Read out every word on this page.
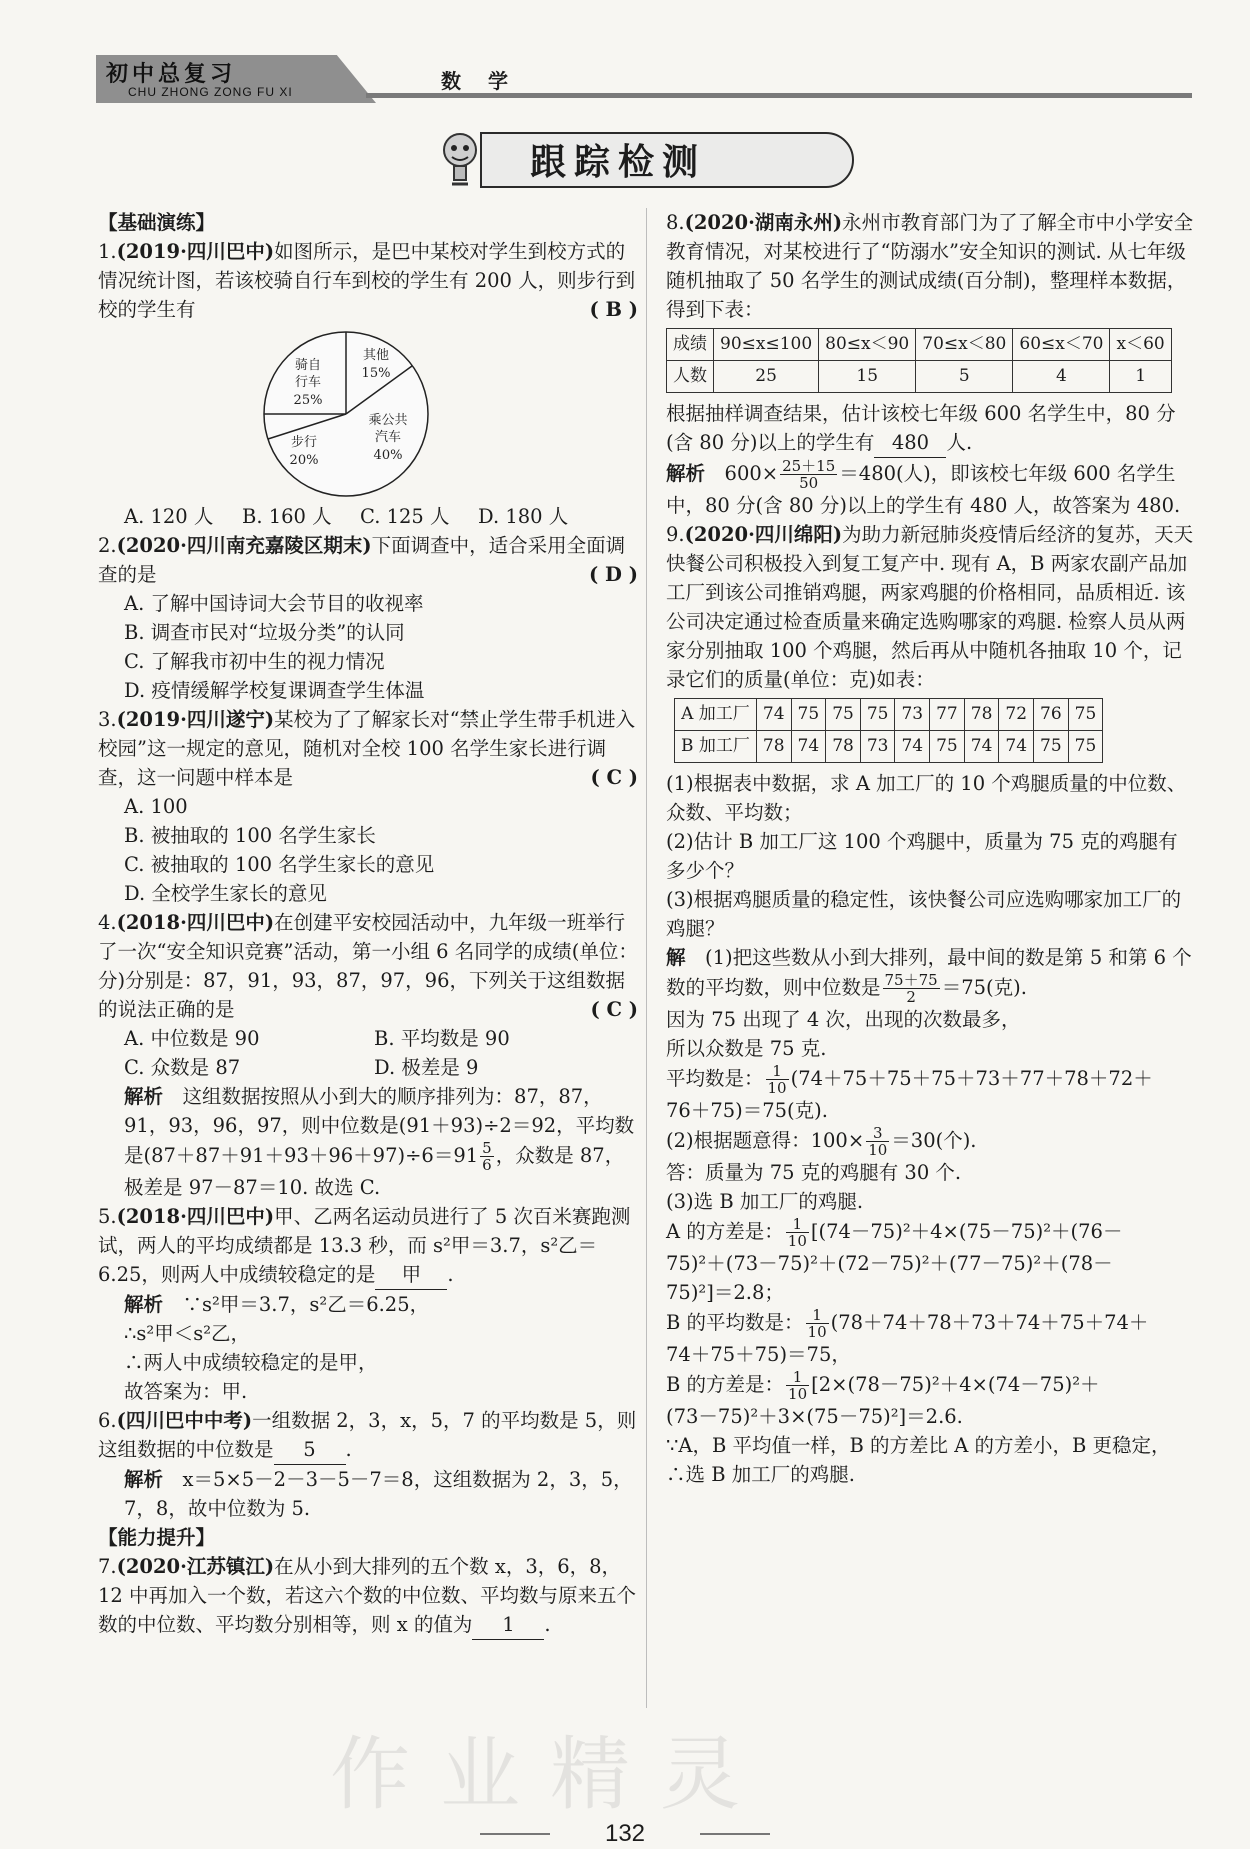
初中总复习
CHU ZHONG ZONG FU XI	数 学
跟踪检测

【基础演练】

1.(2019·四川巴中)如图所示，是巴中某校对学生到校方式的情况统计图，若该校骑自行车到校的学生有 200 人，则步行到校的学生有	( B )

骑自
行车
25%
其他
15%
乘公共
汽车
40%
步行
20%

A. 120 人 B. 160 人 C. 125 人 D. 180 人

2.(2020·四川南充嘉陵区期末)下面调查中，适合采用全面调查的是	( D )

A. 了解中国诗词大会节目的收视率

B. 调查市民对“垃圾分类”的认同

C. 了解我市初中生的视力情况

D. 疫情缓解学校复课调查学生体温

3.(2019·四川遂宁)某校为了了解家长对“禁止学生带手机进入校园”这一规定的意见，随机对全校 100 名学生家长进行调查，这一问题中样本是	( C )

A. 100

B. 被抽取的 100 名学生家长

C. 被抽取的 100 名学生家长的意见

D. 全校学生家长的意见

4.(2018·四川巴中)在创建平安校园活动中，九年级一班举行了一次“安全知识竞赛”活动，第一小组 6 名同学的成绩(单位：分)分别是：87，91，93，87，97，96，下列关于这组数据的说法正确的是	( C )

A. 中位数是 90	B. 平均数是 90

C. 众数是 87	D. 极差是 9

解析　 这组数据按照从小到大的顺序排列为：87，87，91，93，96，97，则中位数是(91＋93)÷2＝92，平均数是$(87+87+91+93+96+97)\div 6=91 \frac{5}{6}$ ，众数是 87，极差是 97－87＝10. 故选 C.

5.(2018·四川巴中)甲、乙两名运动员进行了 5 次百米赛跑测试，两人的平均成绩都是 13.3 秒，而 s²甲＝3.7，s²乙＝6.25，则两人中成绩较稳定的是 甲 .

解析　 ∵s²甲＝3.7，s²乙＝6.25，

∴s²甲＜s²乙，

∴两人中成绩较稳定的是甲，

故答案为：甲.

6.(四川巴中中考)一组数据 2，3，x，5，7 的平均数是 5，则这组数据的中位数是 5 .

解析　 x＝5×5－2－3－5－7＝8，这组数据为 2，3，5，7，8，故中位数为 5.

【能力提升】

7.(2020·江苏镇江)在从小到大排列的五个数 x，3，6，8，12 中再加入一个数，若这六个数的中位数、平均数与原来五个数的中位数、平均数分别相等，则 x 的值为 1 .

8.(2020·湖南永州)永州市教育部门为了了解全市中小学安全教育情况，对某校进行了“防溺水”安全知识的测试. 从七年级随机抽取了 50 名学生的测试成绩(百分制)，整理样本数据，得到下表：

成绩	90≤x≤100	80≤x＜90	70≤x＜80	60≤x＜70	x＜60
人数	25	15	5	4	1

根据抽样调查结果，估计该校七年级 600 名学生中，80 分(含 80 分)以上的学生有 480 人.

解析　 $600\times \frac{25+15}{50} =480$(人)，即该校七年级 600 名学生中，80 分(含 80 分)以上的学生有 480 人，故答案为 480.

9.(2020·四川绵阳)为助力新冠肺炎疫情后经济的复苏，天天快餐公司积极投入到复工复产中. 现有 A，B 两家农副产品加工厂到该公司推销鸡腿，两家鸡腿的价格相同，品质相近. 该公司决定通过检查质量来确定选购哪家的鸡腿. 检察人员从两家分别抽取 100 个鸡腿，然后再从中随机各抽取 10 个，记录它们的质量(单位：克)如表：

A 加工厂	74	75	75	75	73	77	78	72	76	75
B 加工厂	78	74	78	73	74	75	74	74	75	75

(1)根据表中数据，求 A 加工厂的 10 个鸡腿质量的中位数、众数、平均数；

(2)估计 B 加工厂这 100 个鸡腿中，质量为 75 克的鸡腿有多少个？

(3)根据鸡腿质量的稳定性，该快餐公司应选购哪家加工厂的鸡腿？

解　 (1)把这些数从小到大排列，最中间的数是第 5 和第 6 个数的平均数，则中位数是 $\frac{75+75}{2} =75$(克).

因为 75 出现了 4 次，出现的次数最多，

所以众数是 75 克.

平均数是： $\frac{1}{10} (74+75+75+75+73+77+78+72+$

76＋75)＝75(克).

(2)根据题意得：$100\times \frac{3}{10} =30$(个).

答：质量为 75 克的鸡腿有 30 个.

(3)选 B 加工厂的鸡腿.

A 的方差是： $\frac{1}{10} [(74-75)^2+4\times(75-75)^2+(76-$

75)²＋(73－75)²＋(72－75)²＋(77－75)²＋(78－

75)²]＝2.8；

B 的平均数是： $\frac{1}{10} (78+74+78+73+74+75+74+$

74＋75＋75)＝75，

B 的方差是： $\frac{1}{10} [2\times(78-75)^2+4\times(74-75)^2+$

(73－75)²＋3×(75－75)²]＝2.6.

∵A，B 平均值一样，B 的方差比 A 的方差小，B 更稳定，

∴选 B 加工厂的鸡腿.

作业精灵
132
